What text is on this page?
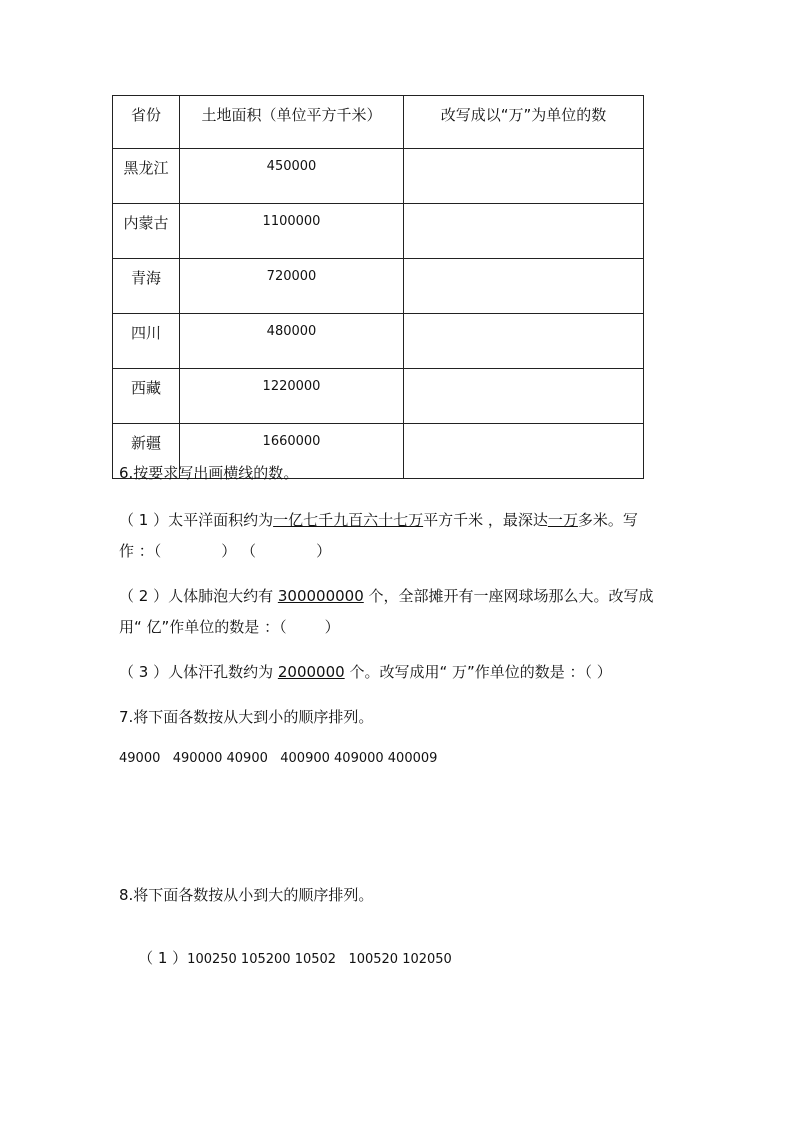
省份	土地面积（单位平方千米）	改写成以“万”为单位的数
黑龙江	450000	
内蒙古	1100000	
青海	720000	
四川	480000	
西藏	1220000	
新疆	1660000	
6.按要求写出画横线的数。
（ 1 ）太平洋面积约为一亿七千九百六十七万平方千米 ，最深达一万多米。写
作 ：（	） （	）
（ 2 ）人体肺泡大约有 300000000 个，全部摊开有一座网球场那么大。改写成
用“ 亿”作单位的数是 ：（	）
（ 3 ）人体汗孔数约为 2000000 个。改写成用“ 万”作单位的数是 ：（ ）
7.将下面各数按从大到小的顺序排列。
49000   490000 40900   400900 409000 400009
8.将下面各数按从小到大的顺序排列。

（ 1 ）100250 105200 10502   100520 102050
